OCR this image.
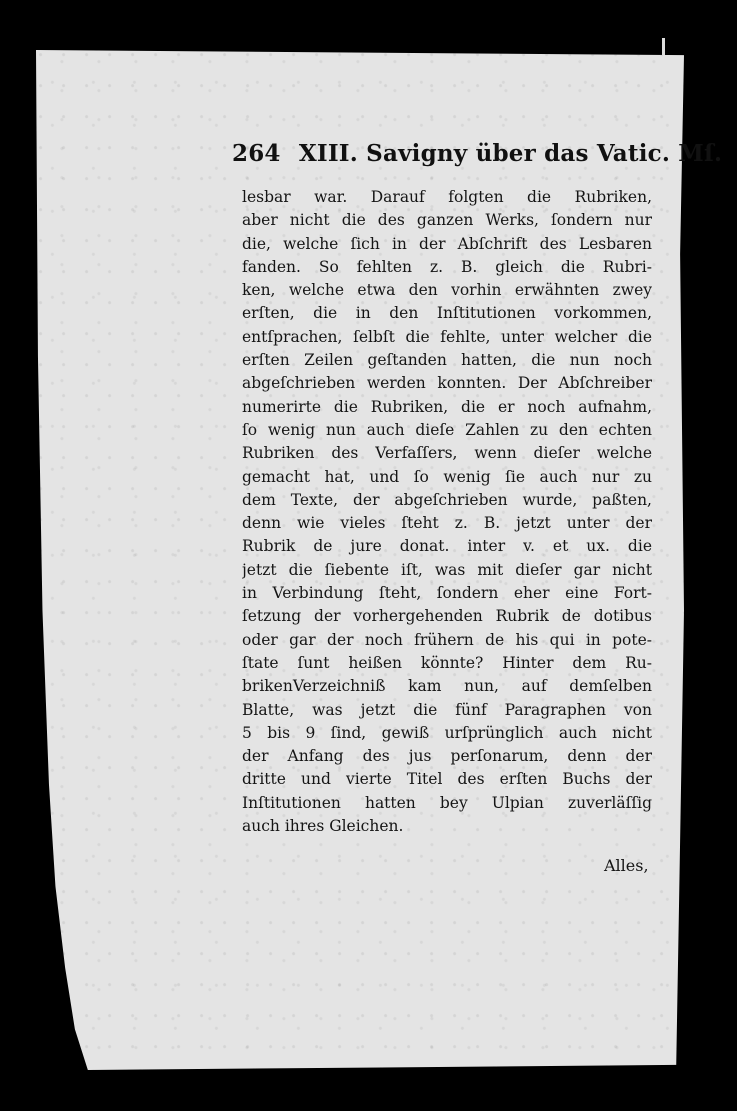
264 XIII. Savigny über das Vatic. Mſ.
lesbar war. Darauf folgten die Rubriken,
aber nicht die des ganzen Werks, ſondern nur
die, welche ſich in der Abſchrift des Lesbaren
fanden. So fehlten z. B. gleich die Rubri-
ken, welche etwa den vorhin erwähnten zwey
erſten, die in den Inſtitutionen vorkommen,
entſprachen, ſelbſt die fehlte, unter welcher die
erſten Zeilen geſtanden hatten, die nun noch
abgeſchrieben werden konnten. Der Abſchreiber
numerirte die Rubriken, die er noch aufnahm,
ſo wenig nun auch dieſe Zahlen zu den echten
Rubriken des Verfaſſers, wenn dieſer welche
gemacht hat, und ſo wenig ſie auch nur zu
dem Texte, der abgeſchrieben wurde, paßten,
denn wie vieles ſteht z. B. jetzt unter der
Rubrik de jure donat. inter v. et ux. die
jetzt die ſiebente iſt, was mit dieſer gar nicht
in Verbindung ſteht, ſondern eher eine Fort-
ſetzung der vorhergehenden Rubrik de dotibus
oder gar der noch frühern de his qui in pote-
ſtate ſunt heißen könnte? Hinter dem Ru-
brikenVerzeichniß kam nun, auf demſelben
Blatte, was jetzt die fünf Paragraphen von
5 bis 9 ſind, gewiß urſprünglich auch nicht
der Anfang des jus perſonarum, denn der
dritte und vierte Titel des erſten Buchs der
Inſtitutionen hatten bey Ulpian zuverläſſig
auch ihres Gleichen.
Alles,
